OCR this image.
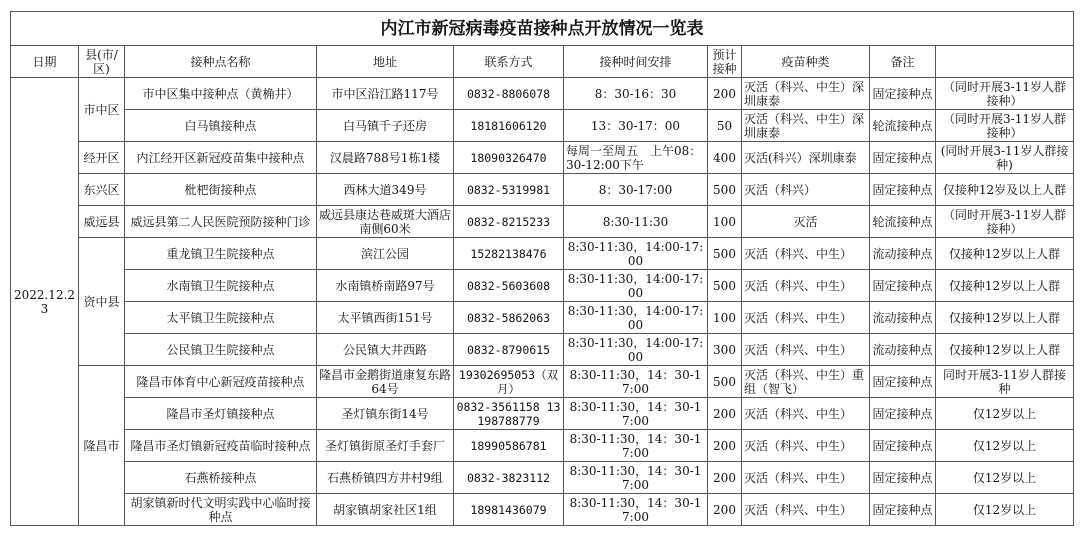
内江市新冠病毒疫苗接种点开放情况一览表									
日期	县(市/区)	接种点名称	地址	联系方式	接种时间安排	预计接种	疫苗种类	备注	
2022.12.23	市中区	市中区集中接种点（黄桷井）	市中区沿江路117号	0832-8806078	8：30-16：30	200	灭活（科兴、中生）深圳康泰	固定接种点	（同时开展3-11岁人群接种）
		白马镇接种点	白马镇千子还房	18181606120	13：30-17：00	50	灭活（科兴、中生）深圳康泰	轮流接种点	（同时开展3-11岁人群接种）
	经开区	内江经开区新冠疫苗集中接种点	汉晨路788号1栋1楼	18090326470	每周一至周五　上午08：30-12:00下午	400	灭活(科兴）深圳康泰	固定接种点	(同时开展3-11岁人群接种)
	东兴区	枇杷街接种点	西林大道349号	0832-5319981	8：30-17:00	500	灭活（科兴）	固定接种点	仅接种12岁及以上人群
	威远县	威远县第二人民医院预防接种门诊	威远县康达巷威斑大酒店南侧60米	0832-8215233	8:30-11:30	100	灭活	轮流接种点	（同时开展3-11岁人群接种）
	资中县	重龙镇卫生院接种点	滨江公园	15282138476	8:30-11:30，14:00-17:00	500	灭活（科兴、中生）	流动接种点	仅接种12岁以上人群
		水南镇卫生院接种点	水南镇桥南路97号	0832-5603608	8:30-11:30，14:00-17:00	500	灭活（科兴、中生）	固定接种点	仅接种12岁以上人群
		太平镇卫生院接种点	太平镇西街151号	0832-5862063	8:30-11:30，14:00-17:00	100	灭活（科兴、中生）	流动接种点	仅接种12岁以上人群
		公民镇卫生院接种点	公民镇大井西路	0832-8790615	8:30-11:30，14:00-17:00	300	灭活（科兴、中生）	流动接种点	仅接种12岁以上人群
	隆昌市	隆昌市体育中心新冠疫苗接种点	隆昌市金鹅街道康复东路64号	19302695053（双月）	8:30-11:30，14：30-17:00	500	灭活（科兴、中生）重组（智飞）	固定接种点	同时开展3-11岁人群接种
		隆昌市圣灯镇接种点	圣灯镇东街14号	0832-3561158 13198788779	8:30-11:30，14：30-17:00	200	灭活（科兴、中生）	固定接种点	仅12岁以上
		隆昌市圣灯镇新冠疫苗临时接种点	圣灯镇街原圣灯手套厂	18990586781	8:30-11:30，14：30-17:00	200	灭活（科兴、中生）	固定接种点	仅12岁以上
		石燕桥接种点	石燕桥镇四方井村9组	0832-3823112	8:30-11:30，14：30-17:00	200	灭活（科兴、中生）	固定接种点	仅12岁以上
		胡家镇新时代文明实践中心临时接种点	胡家镇胡家社区1组	18981436079	8:30-11:30，14：30-17:00	200	灭活（科兴、中生）	固定接种点	仅12岁以上
